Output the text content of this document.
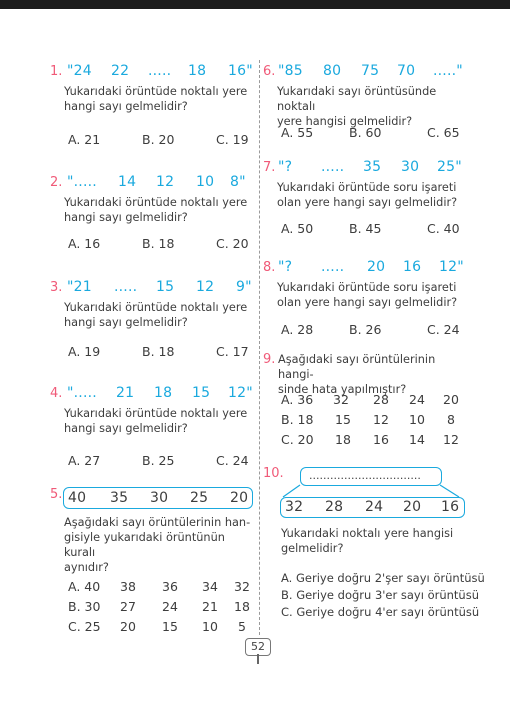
1. "24 22 ..... 18 16"
Yukarıdaki örüntüde noktalı yere
hangi sayı gelmelidir?
A. 21	B. 20	C. 19
2. "..... 14 12 10 8"
Yukarıdaki örüntüde noktalı yere
hangi sayı gelmelidir?
A. 16	B. 18	C. 20
3. "21 ..... 15 12 9"
Yukarıdaki örüntüde noktalı yere
hangi sayı gelmelidir?
A. 19	B. 18	C. 17
4. "..... 21 18 15 12"
Yukarıdaki örüntüde noktalı yere
hangi sayı gelmelidir?
A. 27	B. 25	C. 24
5. 40 35 30 25 20
Aşağıdaki sayı örüntülerinin han-
gisiyle yukarıdaki örüntünün kuralı
aynıdır?
A. 40 38 36 34 32
B. 30 27 24 21 18
C. 25 20 15 10 5
6. "85 80 75 70 ....."
Yukarıdaki sayı örüntüsünde noktalı
yere hangisi gelmelidir?
A. 55	B. 60	C. 65
7. "? ..... 35 30 25"
Yukarıdaki örüntüde soru işareti
olan yere hangi sayı gelmelidir?
A. 50	B. 45	C. 40
8. "? ..... 20 16 12"
Yukarıdaki örüntüde soru işareti
olan yere hangi sayı gelmelidir?
A. 28	B. 26	C. 24
9. Aşağıdaki sayı örüntülerinin hangi-
sinde hata yapılmıştır?
A. 36 32 28 24 20
B. 18 15 12 10 8
C. 20 18 16 14 12
10. ................................
32 28 24 20 16
Yukarıdaki noktalı yere hangisi
gelmelidir?
A. Geriye doğru 2'şer sayı örüntüsü
B. Geriye doğru 3'er sayı örüntüsü
C. Geriye doğru 4'er sayı örüntüsü
52
